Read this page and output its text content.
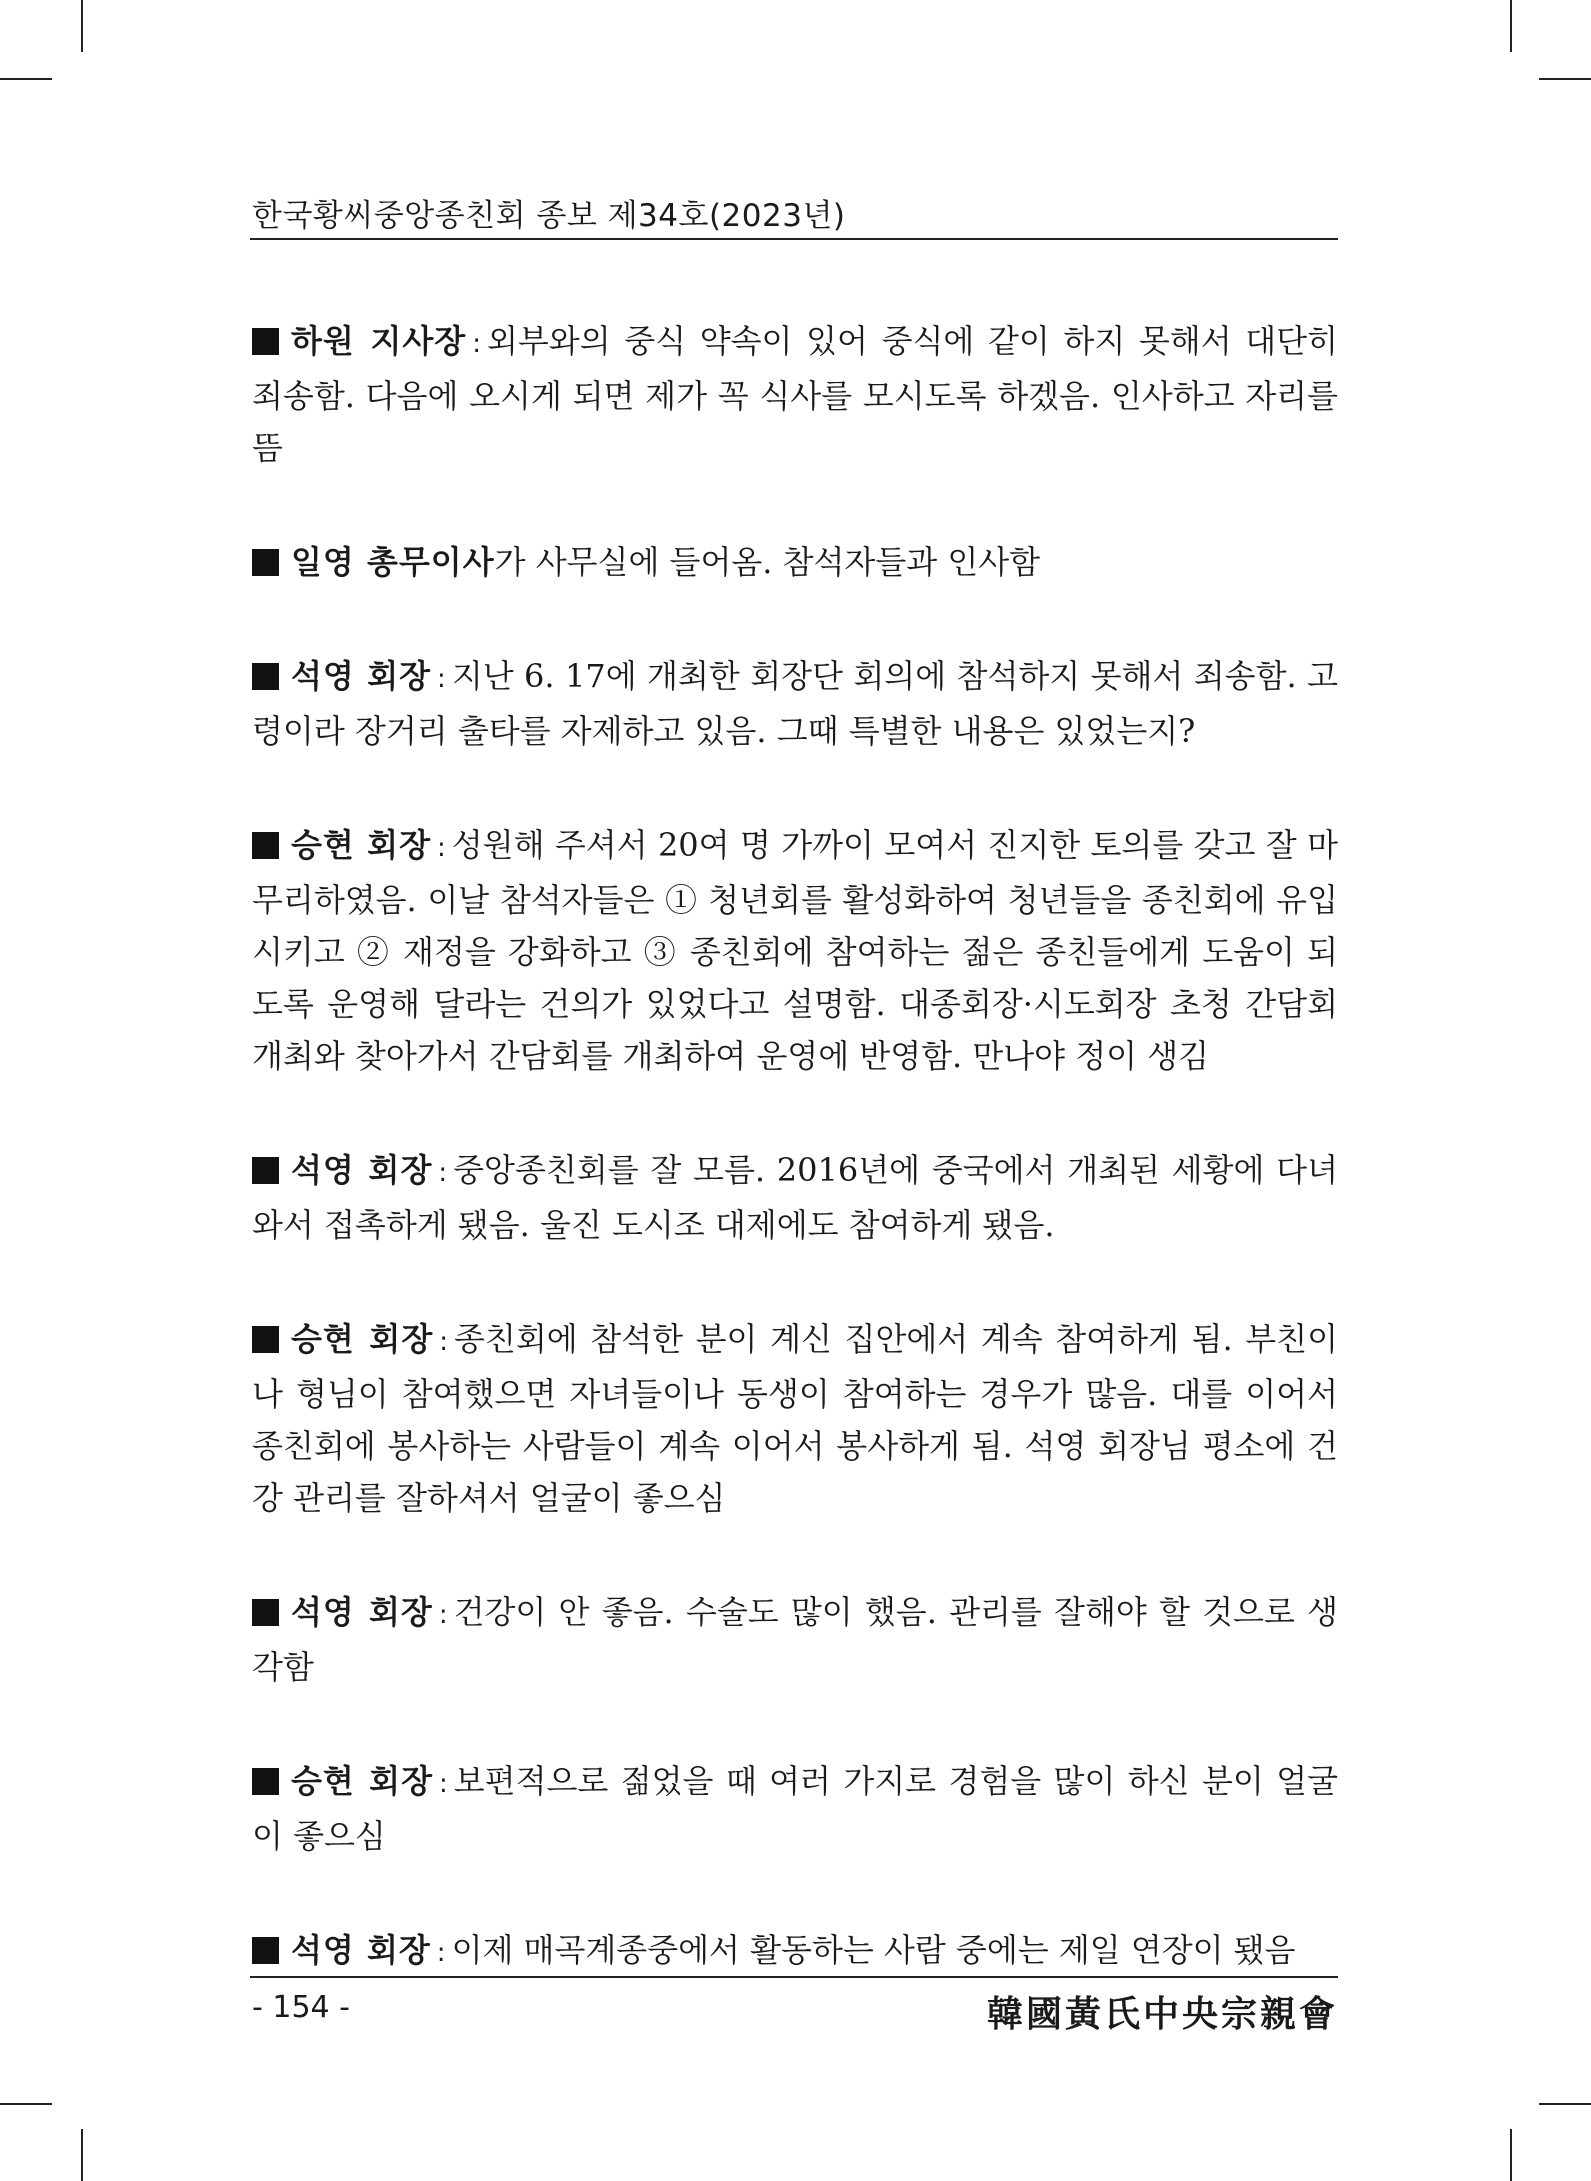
한국황씨중앙종친회 종보 제34호(2023년)

하원 지사장 : 외부와의 중식 약속이 있어 중식에 같이 하지 못해서 대단히 죄송함. 다음에 오시게 되면 제가 꼭 식사를 모시도록 하겠음. 인사하고 자리를 뜸

일영 총무이사가 사무실에 들어옴. 참석자들과 인사함

석영 회장 : 지난 6. 17에 개최한 회장단 회의에 참석하지 못해서 죄송함. 고령이라 장거리 출타를 자제하고 있음. 그때 특별한 내용은 있었는지?

승현 회장 : 성원해 주셔서 20여 명 가까이 모여서 진지한 토의를 갖고 잘 마무리하였음. 이날 참석자들은 ① 청년회를 활성화하여 청년들을 종친회에 유입시키고 ② 재정을 강화하고 ③ 종친회에 참여하는 젊은 종친들에게 도움이 되도록 운영해 달라는 건의가 있었다고 설명함. 대종회장·시도회장 초청 간담회 개최와 찾아가서 간담회를 개최하여 운영에 반영함. 만나야 정이 생김

석영 회장 : 중앙종친회를 잘 모름. 2016년에 중국에서 개최된 세황에 다녀와서 접촉하게 됐음. 울진 도시조 대제에도 참여하게 됐음.

승현 회장 : 종친회에 참석한 분이 계신 집안에서 계속 참여하게 됨. 부친이나 형님이 참여했으면 자녀들이나 동생이 참여하는 경우가 많음. 대를 이어서 종친회에 봉사하는 사람들이 계속 이어서 봉사하게 됨. 석영 회장님 평소에 건강 관리를 잘하셔서 얼굴이 좋으심

석영 회장 : 건강이 안 좋음. 수술도 많이 했음. 관리를 잘해야 할 것으로 생각함

승현 회장 : 보편적으로 젊었을 때 여러 가지로 경험을 많이 하신 분이 얼굴이 좋으심

석영 회장 : 이제 매곡계종중에서 활동하는 사람 중에는 제일 연장이 됐음

- 154 -	韓國黃氏中央宗親會
